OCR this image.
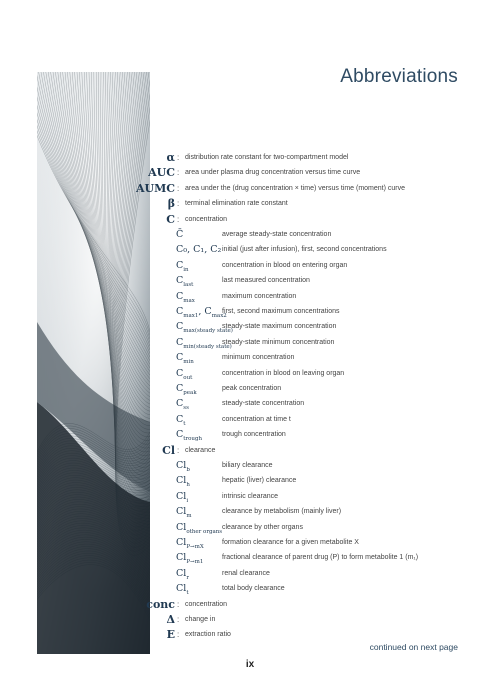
Abbreviations
α : distribution rate constant for two-compartment model
AUC : area under plasma drug concentration versus time curve
AUMC : area under the (drug concentration × time) versus time (moment) curve
β : terminal elimination rate constant
C : concentration
C̄	average steady-state concentration
C₀, C₁, C₂ initial (just after infusion), first, second concentrations
$C_{in}$
concentration in blood on entering organ
$C_{last}$
last measured concentration
$C_{max}$
maximum concentration
$C_{max1}$, $C_{max2}$
first, second maximum concentrations
$C_{max(steady state)}$
steady-state maximum concentration
$C_{min(steady state)}$
steady-state minimum concentration
$C_{min}$
minimum concentration
$C_{out}$
concentration in blood on leaving organ
$C_{peak}$
peak concentration
$C_{ss}$
steady-state concentration
$C_t$
concentration at time t
$C_{trough}$
trough concentration
Cl : clearance
$Cl_b$
biliary clearance
$Cl_h$
hepatic (liver) clearance
$Cl_i$
intrinsic clearance
$Cl_m$
clearance by metabolism (mainly liver)
$Cl_{other organs}$
clearance by other organs
$Cl_{P\to mX}$
formation clearance for a given metabolite X
$Cl_{P\to m1}$
fractional clearance of parent drug (P) to form metabolite 1 (m₁)
$Cl_r$
renal clearance
$Cl_t$
total body clearance
conc : concentration
Δ : change in
E : extraction ratio
continued on next page
ix
